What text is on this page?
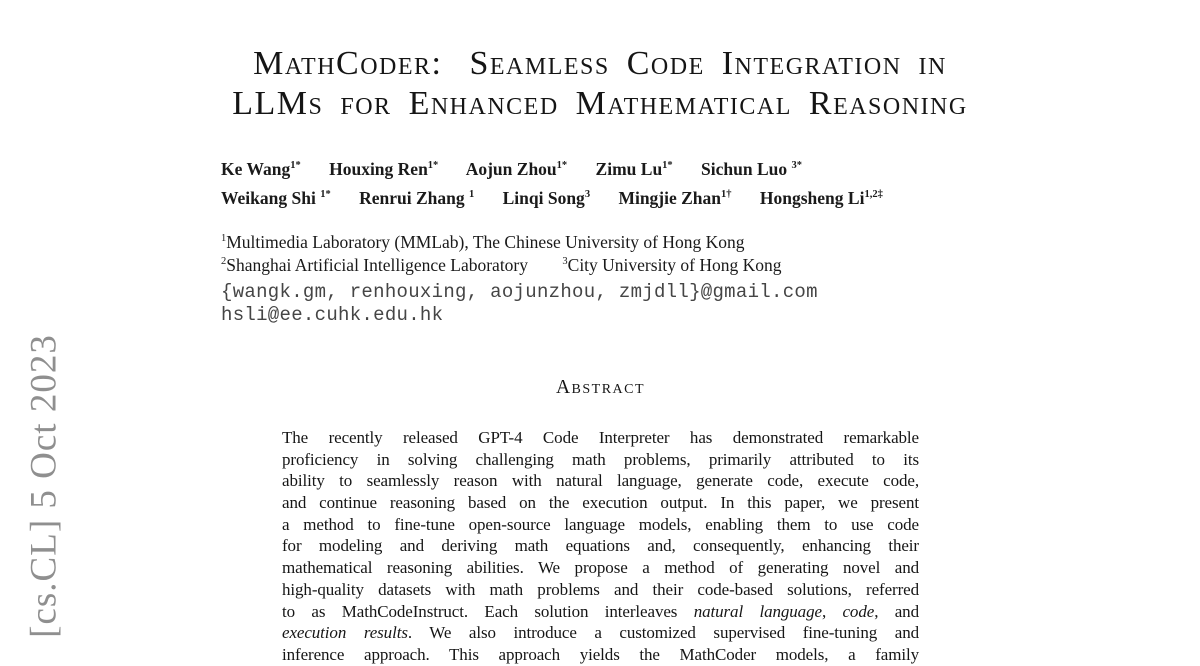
[cs.CL] 5 Oct 2023
MathCoder:  Seamless Code Integration in
LLMs for Enhanced Mathematical Reasoning
Ke Wang$^{1*}$ Houxing Ren$^{1*}$ Aojun Zhou$^{1*}$ Zimu $Lu^{1*}$ Sichun Luo $^{3*}$
Weikang Shi $^{1*}$ Renrui Zhang $^1$ Linqi Song$^3$ Mingjie Zhan$^{1\dagger}$ Hongsheng $Li^{1,2\ddagger}$
$^1$Multimedia Laboratory (MMLab), The Chinese University of Hong Kong
$^2$Shanghai Artificial Intelligence Laboratory	$^3$City University of Hong Kong
{wangk.gm, renhouxing, aojunzhou, zmjdll}@gmail.com
hsli@ee.cuhk.edu.hk
Abstract
The recently released GPT-4 Code Interpreter has demonstrated remarkable
proficiency in solving challenging math problems, primarily attributed to its
ability to seamlessly reason with natural language, generate code, execute code,
and continue reasoning based on the execution output. In this paper, we present
a method to fine-tune open-source language models, enabling them to use code
for modeling and deriving math equations and, consequently, enhancing their
mathematical reasoning abilities. We propose a method of generating novel and
high-quality datasets with math problems and their code-based solutions, referred
to as MathCodeInstruct. Each solution interleaves natural language, code, and
execution results. We also introduce a customized supervised fine-tuning and
inference approach. This approach yields the MathCoder models, a family
